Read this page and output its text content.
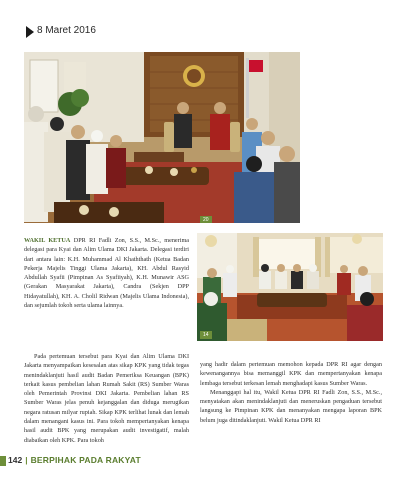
8 Maret 2016
20
14

WAKIL KETUA DPR RI Fadli Zon, S.S., M.Sc., menerima delegasi para Kyai dan Alim Ulama DKI Jakarta. Delegasi terdiri dari antara lain: K.H. Muhammad Al Khaththath (Ketua Badan Pekerja Majelis Tinggi Ulama Jakarta), KH. Abdul Rasyid Abdullah Syafii (Pimpinan As Syafiiyah), K.H. Munawir ASG (Gerakan Masyarakat Jakarta), Candra (Sekjen DPP Hidayatullah), KH. A. Cholil Ridwan (Majelis Ulama Indonesia), dan sejumlah tokoh serta ulama lainnya.

Pada pertemuan tersebut para Kyai dan Alim Ulama DKI Jakarta menyampaikan kesesalan atas sikap KPK yang tidak tegas menindaklanjuti hasil audit Badan Pemeriksa Keuangan (BPK) terkait kasus pembelian lahan Rumah Sakit (RS) Sumber Waras oleh Pemerintah Provinsi DKI Jakarta. Pembelian lahan RS Sumber Waras jelas penuh kejanggalan dan diduga merugikan negara ratusan milyar rupiah. Sikap KPK terlihat lunak dan lemah dalam menangani kasus ini. Para tokoh mempertanyakan kenapa hasil audit BPK yang merupakan audit investigatif, malah diabaikan oleh KPK. Para tokoh

yang hadir dalam pertemuan memohon kepada DPR RI agar dengan kewenangannya bisa memanggil KPK dan mempertanyakan kenapa lembaga tersebut terkesan lemah menghadapi kasus Sumber Waras.

Menanggapi hal itu, Wakil Ketua DPR RI Fadli Zon, S.S., M.Sc., menyatakan akan menindaklanjuti dan meneruskan pengaduan tersebut langsung ke Pimpinan KPK dan menanyakan mengapa laporan BPK belum juga ditindaklanjuti. Wakil Ketua DPR RI

142 | BERPIHAK PADA RAKYAT
